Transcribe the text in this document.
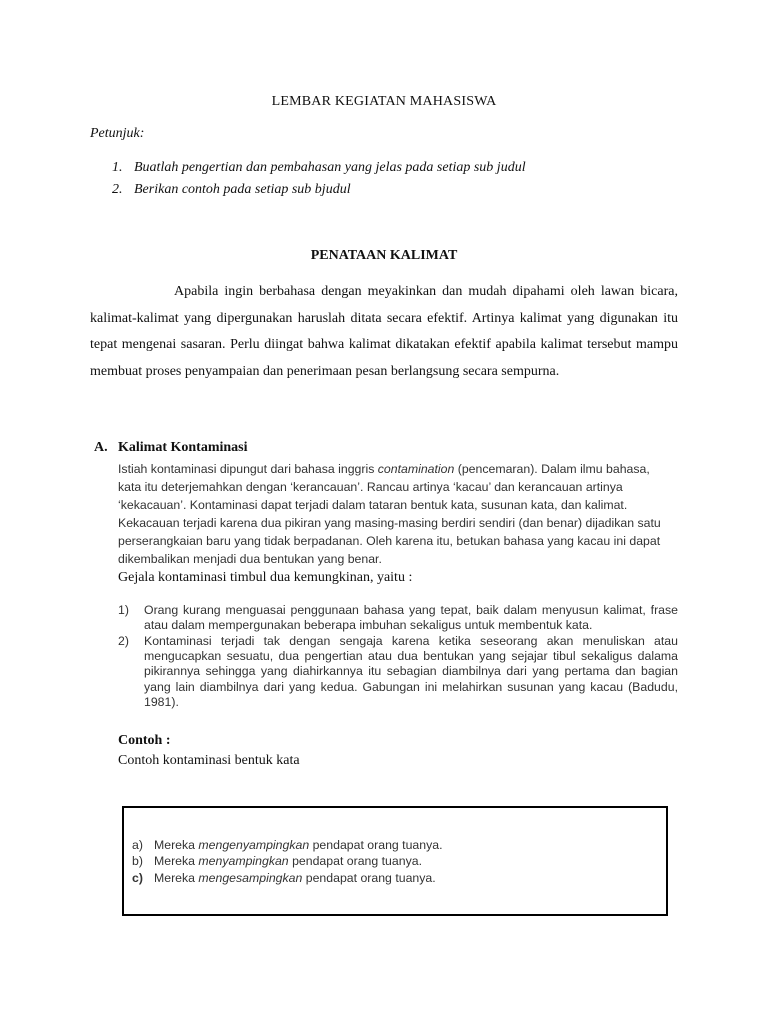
LEMBAR KEGIATAN MAHASISWA
Petunjuk:
1. Buatlah pengertian dan pembahasan yang jelas pada setiap sub judul
2. Berikan contoh pada setiap sub bjudul
PENATAAN KALIMAT

Apabila ingin berbahasa dengan meyakinkan dan mudah dipahami oleh lawan bicara, kalimat-kalimat yang dipergunakan haruslah ditata secara efektif. Artinya kalimat yang digunakan itu tepat mengenai sasaran. Perlu diingat bahwa kalimat dikatakan efektif apabila kalimat tersebut mampu membuat proses penyampaian dan penerimaan pesan berlangsung secara sempurna.

A. Kalimat Kontaminasi

Istiah kontaminasi dipungut dari bahasa inggris contamination (pencemaran). Dalam ilmu bahasa, kata itu deterjemahkan dengan ‘kerancauan’. Rancau artinya ‘kacau’ dan kerancauan artinya ‘kekacauan’. Kontaminasi dapat terjadi dalam tataran bentuk kata, susunan kata, dan kalimat. Kekacauan terjadi karena dua pikiran yang masing-masing berdiri sendiri (dan benar) dijadikan satu perserangkaian baru yang tidak berpadanan. Oleh karena itu, betukan bahasa yang kacau ini dapat dikembalikan menjadi dua bentukan yang benar.

Gejala kontaminasi timbul dua kemungkinan, yaitu :
1) Orang kurang menguasai penggunaan bahasa yang tepat, baik dalam menyusun kalimat, frase atau dalam mempergunakan beberapa imbuhan sekaligus untuk membentuk kata.
2) Kontaminasi terjadi tak dengan sengaja karena ketika seseorang akan menuliskan atau mengucapkan sesuatu, dua pengertian atau dua bentukan yang sejajar tibul sekaligus dalama pikirannya sehingga yang diahirkannya itu sebagian diambilnya dari yang pertama dan bagian yang lain diambilnya dari yang kedua. Gabungan ini melahirkan susunan yang kacau (Badudu, 1981).
Contoh :
Contoh kontaminasi bentuk kata
a) Mereka mengenyampingkan pendapat orang tuanya.
b) Mereka menyampingkan pendapat orang tuanya.
c) Mereka mengesampingkan pendapat orang tuanya.
